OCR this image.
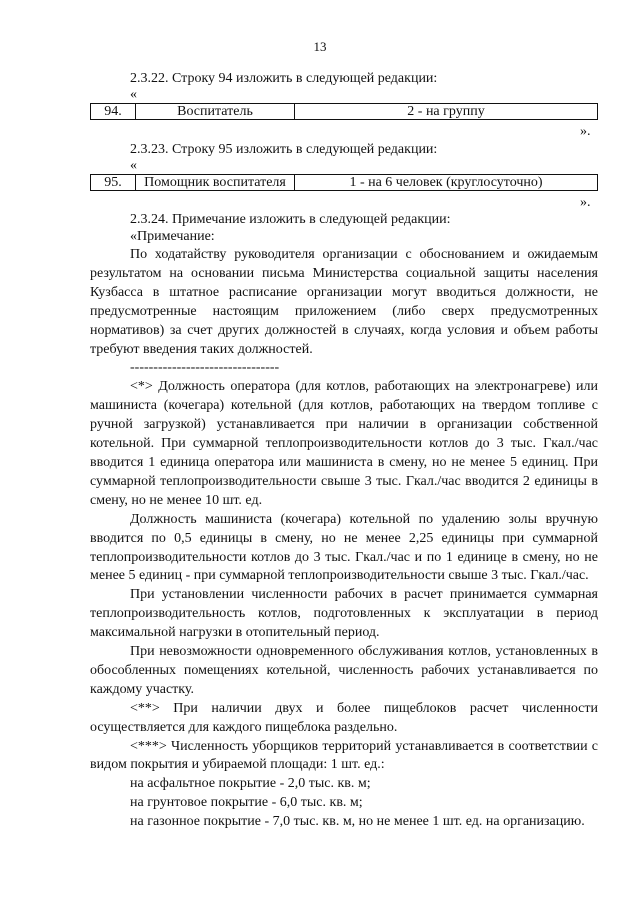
13
2.3.22. Строку 94 изложить в следующей редакции:
«
94.	Воспитатель	2 - на группу
».
2.3.23. Строку 95 изложить в следующей редакции:
«
95.	Помощник воспитателя	1 - на 6 человек (круглосуточно)
».
2.3.24. Примечание изложить в следующей редакции:
«Примечание:

По ходатайству руководителя организации с обоснованием и ожидаемым результатом на основании письма Министерства социальной защиты населения Кузбасса в штатное расписание организации могут вводиться должности, не предусмотренные настоящим приложением (либо сверх предусмотренных нормативов) за счет других должностей в случаях, когда условия и объем работы требуют введения таких должностей.

--------------------------------

<*> Должность оператора (для котлов, работающих на электронагреве) или машиниста (кочегара) котельной (для котлов, работающих на твердом топливе с ручной загрузкой) устанавливается при наличии в организации собственной котельной. При суммарной теплопроизводительности котлов до 3 тыс. Гкал./час вводится 1 единица оператора или машиниста в смену, но не менее 5 единиц. При суммарной теплопроизводительности свыше 3 тыс. Гкал./час вводится 2 единицы в смену, но не менее 10 шт. ед.

Должность машиниста (кочегара) котельной по удалению золы вручную вводится по 0,5 единицы в смену, но не менее 2,25 единицы при суммарной теплопроизводительности котлов до 3 тыс. Гкал./час и по 1 единице в смену, но не менее 5 единиц - при суммарной теплопроизводительности свыше 3 тыс. Гкал./час.

При установлении численности рабочих в расчет принимается суммарная теплопроизводительность котлов, подготовленных к эксплуатации в период максимальной нагрузки в отопительный период.

При невозможности одновременного обслуживания котлов, установленных в обособленных помещениях котельной, численность рабочих устанавливается по каждому участку.

<**> При наличии двух и более пищеблоков расчет численности осуществляется для каждого пищеблока раздельно.

<***> Численность уборщиков территорий устанавливается в соответствии с видом покрытия и убираемой площади: 1 шт. ед.:

на асфальтное покрытие - 2,0 тыс. кв. м;

на грунтовое покрытие - 6,0 тыс. кв. м;

на газонное покрытие - 7,0 тыс. кв. м, но не менее 1 шт. ед. на организацию.
